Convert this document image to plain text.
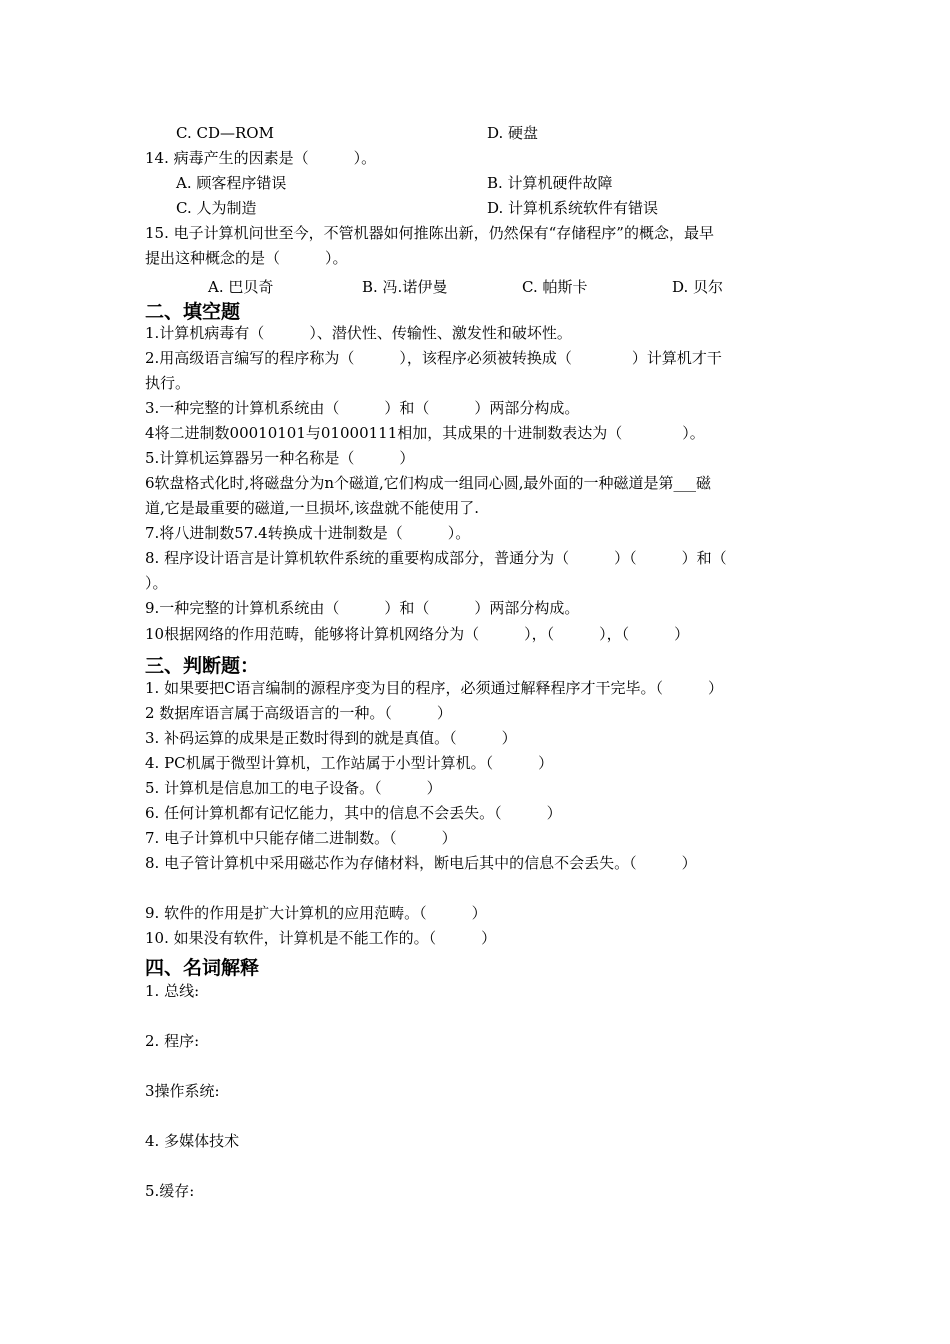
C. CD—ROM	D. 硬盘
14. 病毒产生的因素是（　　　）。
A. 顾客程序错误	B. 计算机硬件故障
C. 人为制造	D. 计算机系统软件有错误
15. 电子计算机问世至今，不管机器如何推陈出新，仍然保有“存储程序”的概念，最早
提出这种概念的是（　　　）。
A. 巴贝奇	B. 冯.诺伊曼	C. 帕斯卡	D. 贝尔
二、填空题
1.计算机病毒有（　　　）、潜伏性、传输性、激发性和破坏性。
2.用高级语言编写的程序称为（　　　），该程序必须被转换成（　　　　）计算机才干
执行。
3.一种完整的计算机系统由（　　　）和（　　　）两部分构成。
4将二进制数00010101与01000111相加，其成果的十进制数表达为（　　　　）。
5.计算机运算器另一种名称是（　　　）
6软盘格式化时,将磁盘分为n个磁道,它们构成一组同心圆,最外面的一种磁道是第___磁
道,它是最重要的磁道,一旦损坏,该盘就不能使用了.
7.将八进制数57.4转换成十进制数是（　　　）。
8. 程序设计语言是计算机软件系统的重要构成部分，普通分为（　　　）（　　　）和（
）。
9.一种完整的计算机系统由（　　　）和（　　　）两部分构成。
10根据网络的作用范畴，能够将计算机网络分为（　　　），（　　　），（　　　）
三、判断题：
1. 如果要把C语言编制的源程序变为目的程序，必须通过解释程序才干完毕。（　　　）
2 数据库语言属于高级语言的一种。（　　　）
3. 补码运算的成果是正数时得到的就是真值。（　　　）
4. PC机属于微型计算机，工作站属于小型计算机。（　　　）
5. 计算机是信息加工的电子设备。（　　　）
6. 任何计算机都有记忆能力，其中的信息不会丢失。（　　　）
7. 电子计算机中只能存储二进制数。（　　　）
8. 电子管计算机中采用磁芯作为存储材料，断电后其中的信息不会丢失。（　　　）
9. 软件的作用是扩大计算机的应用范畴。（　　　）
10. 如果没有软件，计算机是不能工作的。（　　　）
四、名词解释
1. 总线:
2. 程序:
3操作系统:
4. 多媒体技术
5.缓存:
